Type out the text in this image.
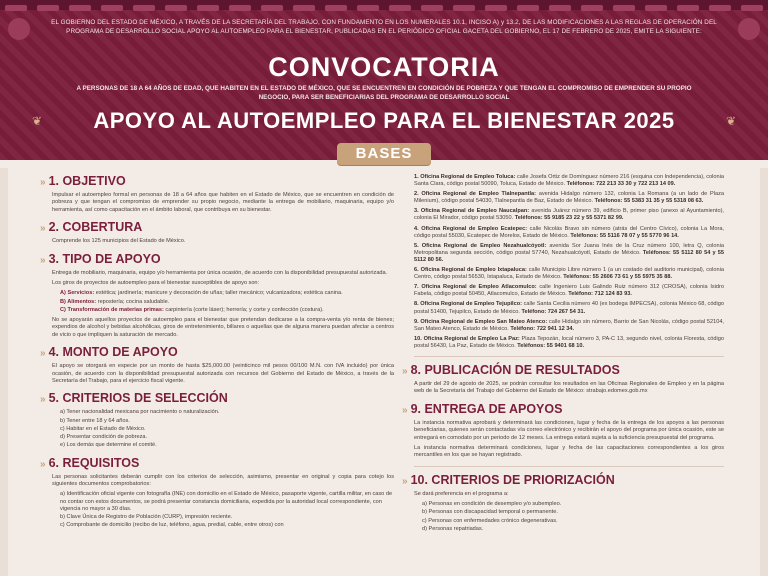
EL GOBIERNO DEL ESTADO DE MÉXICO, A TRAVÉS DE LA SECRETARÍA DEL TRABAJO, CON FUNDAMENTO EN LOS NUMERALES 10.1, INCISO A) y 13.2, DE LAS MODIFICACIONES A LAS REGLAS DE OPERACIÓN DEL PROGRAMA DE DESARROLLO SOCIAL APOYO AL AUTOEMPLEO PARA EL BIENESTAR, PUBLICADAS EN EL PERIÓDICO OFICIAL GACETA DEL GOBIERNO, EL 17 DE FEBRERO DE 2025, EMITE LA SIGUIENTE:
CONVOCATORIA
A PERSONAS DE 18 A 64 AÑOS DE EDAD, QUE HABITEN EN EL ESTADO DE MÉXICO, QUE SE ENCUENTREN EN CONDICIÓN DE POBREZA Y QUE TENGAN EL COMPROMISO DE EMPRENDER SU PROPIO NEGOCIO, PARA SER BENEFICIARIAS DEL PROGRAMA DE DESARROLLO SOCIAL
❦	APOYO AL AUTOEMPLEO PARA EL BIENESTAR 2025	❦
BASES
» 1. OBJETIVO
Impulsar el autoempleo formal en personas de 18 a 64 años que habiten en el Estado de México, que se encuentren en condición de pobreza y que tengan el compromiso de emprender su propio negocio, mediante la entrega de mobiliario, maquinaria, equipo y/o herramienta, así como capacitación en el ámbito laboral, que contribuya en su bienestar.
» 2. COBERTURA
Comprende los 125 municipios del Estado de México.
» 3. TIPO DE APOYO
Entrega de mobiliario, maquinaria, equipo y/o herramienta por única ocasión, de acuerdo con la disponibilidad presupuestal autorizada.
Los giros de proyectos de autoempleo para el bienestar susceptibles de apoyo son:
A) Servicios: estética; jardinería; manicure y decoración de uñas; taller mecánico; vulcanizadora; estética canina.
B) Alimentos: repostería; cocina saludable.
C) Transformación de materias primas: carpintería (corte láser); herrería; y corte y confección (costura).
No se apoyarán aquellos proyectos de autoempleo para el bienestar que pretendan dedicarse a la compra-venta y/o renta de bienes; expendios de alcohol y bebidas alcohólicas, giros de entretenimiento, billares o aquellas que de alguna manera puedan afectar a centros de vicio o que impliquen la saturación de mercado.
» 4. MONTO DE APOYO
El apoyo se otorgará en especie por un monto de hasta $25,000.00 (veinticinco mil pesos 00/100 M.N. con IVA incluido) por única ocasión, de acuerdo con la disponibilidad presupuestal autorizada con recursos del Gobierno del Estado de México, a través de la Secretaría del Trabajo, para el ejercicio fiscal vigente.
» 5. CRITERIOS DE SELECCIÓN
a) Tener nacionalidad mexicana por nacimiento o naturalización.
b) Tener entre 18 y 64 años.
c) Habitar en el Estado de México.
d) Presentar condición de pobreza.
e) Los demás que determine el comité.
» 6. REQUISITOS
Las personas solicitantes deberán cumplir con los criterios de selección, asimismo, presentar en original y copia para cotejo los siguientes documentos comprobatorios:
a) Identificación oficial vigente con fotografía (INE) con domicilio en el Estado de México, pasaporte vigente, cartilla militar, en caso de no contar con estos documentos, se podrá presentar constancia domiciliaria, expedida por la autoridad local correspondiente, con vigencia no mayor a 30 días.
b) Clave Única de Registro de Población (CURP), impresión reciente.
c) Comprobante de domicilio (recibo de luz, teléfono, agua, predial, cable, entre otros) con
1. Oficina Regional de Empleo Toluca: calle Josefa Ortiz de Domínguez número 216 (esquina con Independencia), colonia Santa Clara, código postal 50090, Toluca, Estado de México. Teléfonos: 722 213 33 30 y 722 213 14 09.
2. Oficina Regional de Empleo Tlalnepantla: avenida Hidalgo número 132, colonia La Romana (a un lado de Plaza Milenium), código postal 54030, Tlalnepantla de Baz, Estado de México. Teléfonos: 55 5383 31 35 y 55 5318 08 63.
3. Oficina Regional de Empleo Naucalpan: avenida Juárez número 39, edificio B, primer piso (anexo al Ayuntamiento), colonia El Mirador, código postal 53050. Teléfonos: 55 9185 23 22 y 55 5371 82 99.
4. Oficina Regional de Empleo Ecatepec: calle Nicolás Bravo sin número (atrás del Centro Cívico), colonia La Mora, código postal 55030, Ecatepec de Morelos, Estado de México. Teléfonos: 55 5116 78 07 y 55 5770 96 14.
5. Oficina Regional de Empleo Nezahualcóyotl: avenida Sor Juana Inés de la Cruz número 100, letra Q, colonia Metropolitana segunda sección, código postal 57740, Nezahualcóyotl, Estado de México. Teléfonos: 55 5112 80 54 y 55 5112 80 56.
6. Oficina Regional de Empleo Ixtapaluca: calle Municipio Libre número 1 (a un costado del auditorio municipal), colonia Centro, código postal 56530, Ixtapaluca, Estado de México. Teléfonos: 55 2606 73 61 y 55 5975 35 88.
7. Oficina Regional de Empleo Atlacomulco: calle Ingeniero Luis Galindo Ruiz número 312 (CROSA), colonia Isidro Fabela, código postal 50450, Atlacomulco, Estado de México. Teléfono: 712 124 83 93.
8. Oficina Regional de Empleo Tejupilco: calle Santa Cecilia número 40 (ex bodega IMPECSA), colonia México 68, código postal 51400, Tejupilco, Estado de México. Teléfono: 724 267 54 31.
9. Oficina Regional de Empleo San Mateo Atenco: calle Hidalgo sin número, Barrio de San Nicolás, código postal 52104, San Mateo Atenco, Estado de México. Teléfono: 722 941 12 34.
10. Oficina Regional de Empleo La Paz: Plaza Tepozán, local número 3, PA-C 13, segundo nivel, colonia Floresta, código postal 56430, La Paz, Estado de México. Teléfonos: 55 9401 68 10.
» 8. PUBLICACIÓN DE RESULTADOS
A partir del 29 de agosto de 2025, se podrán consultar los resultados en las Oficinas Regionales de Empleo y en la página web de la Secretaría del Trabajo del Gobierno del Estado de México: strabajo.edomex.gob.mx
» 9. ENTREGA DE APOYOS
La instancia normativa aprobará y determinará las condiciones, lugar y fecha de la entrega de los apoyos a las personas beneficiarias, quienes serán contactadas vía correo electrónico y recibirán el apoyo del programa por única ocasión, este se entregará en comodato por un periodo de 12 meses. La entrega estará sujeta a la suficiencia presupuestal del programa.
La instancia normativa determinará condiciones, lugar y fecha de las capacitaciones correspondientes a los giros mercantiles en los que se hayan registrado.
» 10. CRITERIOS DE PRIORIZACIÓN
Se dará preferencia en el programa a:
a) Personas en condición de desempleo y/o subempleo.
b) Personas con discapacidad temporal o permanente.
c) Personas con enfermedades crónico degenerativas.
d) Personas repatriadas.
